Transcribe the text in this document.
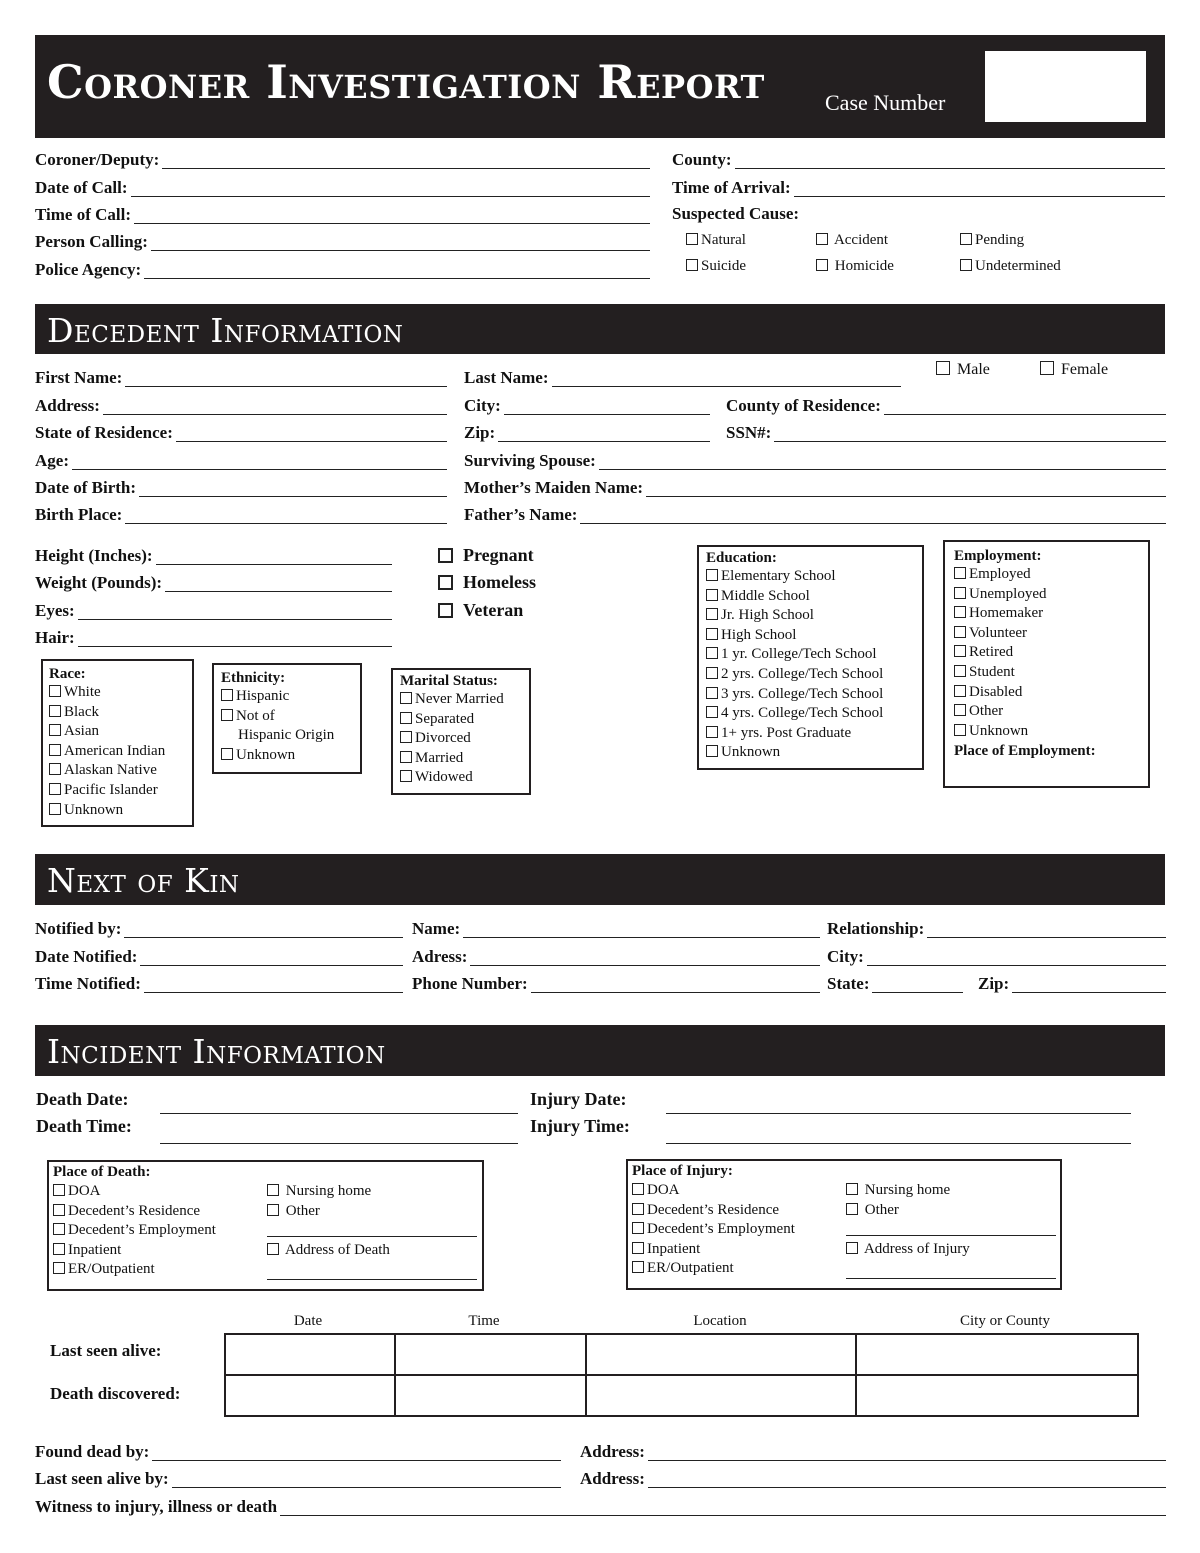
Coroner Investigation Report	Case Number
Coroner/Deputy:
Date of Call:
Time of Call:
Person Calling:
Police Agency:
County:
Time of Arrival:
Suspected Cause:
Natural	Accident	Pending
Suicide	Homicide	Undetermined
Decedent Information
First Name:	Last Name:	Male	Female
Address:	City:	County of Residence:
State of Residence:	Zip:	SSN#:
Age:	Surviving Spouse:
Date of Birth:	Mother’s Maiden Name:
Birth Place:	Father’s Name:
Height (Inches):
Weight (Pounds):
Eyes:
Hair:
Pregnant
Homeless
Veteran
Race:
White
Black
Asian
American Indian
Alaskan Native
Pacific Islander
Unknown
Ethnicity:
Hispanic
Not of
Hispanic Origin
Unknown
Marital Status:
Never Married
Separated
Divorced
Married
Widowed
Education:
Elementary School
Middle School
Jr. High School
High School
1 yr. College/Tech School
2 yrs. College/Tech School
3 yrs. College/Tech School
4 yrs. College/Tech School
1+ yrs. Post Graduate
Unknown
Employment:
Employed
Unemployed
Homemaker
Volunteer
Retired
Student
Disabled
Other
Unknown
Place of Employment:
Next of Kin
Notified by:	Name:	Relationship:
Date Notified:	Adress:	City:
Time Notified:	Phone Number:	State:	Zip:
Incident Information
Death Date:	Injury Date:
Death Time:	Injury Time:
Place of Death:
DOA
Decedent’s Residence
Decedent’s Employment
Inpatient
ER/Outpatient
Nursing home
Other
Address of Death
Place of Injury:
DOA
Decedent’s Residence
Decedent’s Employment
Inpatient
ER/Outpatient
Nursing home
Other
Address of Injury
Date	Time	Location	City or County
Last seen alive:
Death discovered:

Found dead by:	Address:
Last seen alive by:	Address:
Witness to injury, illness or death
